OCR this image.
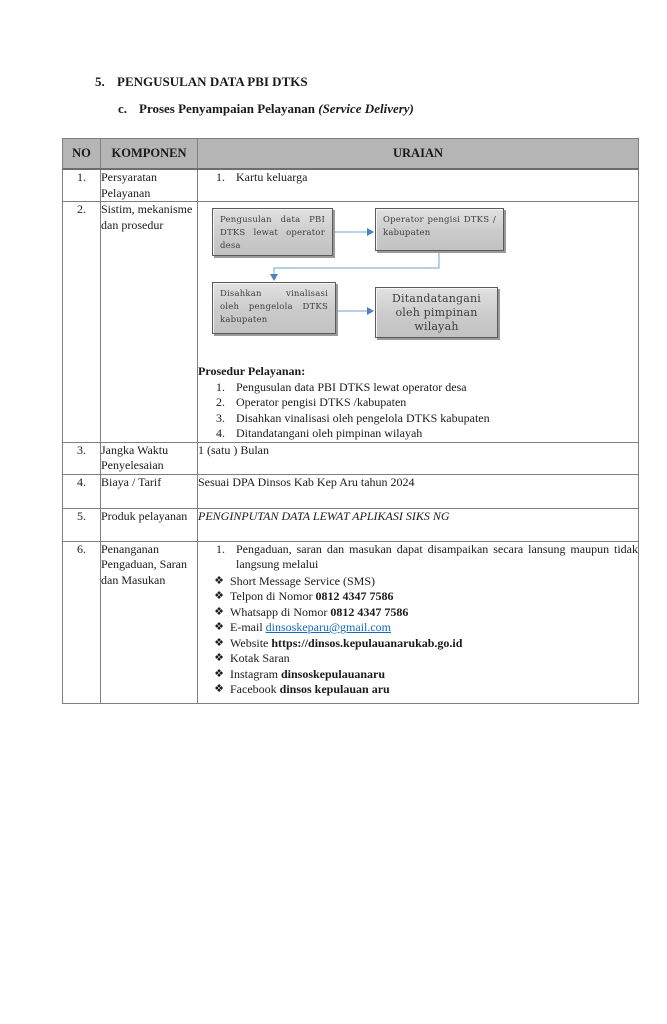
5. PENGUSULAN DATA PBI DTKS
c. Proses Penyampaian Pelayanan (Service Delivery)
NO	KOMPONEN	URAIAN
1.	Persyaratan Pelayanan	1. Kartu keluarga

2.	Sistim, mekanisme dan prosedur	Pengusulan data PBI DTKS lewat operator desa
Operator pengisi DTKS / kabupaten
Disahkan vinalisasi oleh pengelola DTKS kabupaten
Ditandatangani oleh pimpinan wilayah
Prosedur Pelayanan:
1. Pengusulan data PBI DTKS lewat operator desa
2. Operator pengisi DTKS /kabupaten
3. Disahkan vinalisasi oleh pengelola DTKS kabupaten
4. Ditandatangani oleh pimpinan wilayah

3.	Jangka Waktu Penyelesaian	1 (satu ) Bulan
4.	Biaya / Tarif	Sesuai DPA Dinsos Kab Kep Aru tahun 2024
5.	Produk pelayanan	PENGINPUTAN DATA LEWAT APLIKASI SIKS NG
6.	Penanganan Pengaduan, Saran dan Masukan	
1. Pengaduan, saran dan masukan dapat disampaikan secara lansung maupun tidak langsung melalui
❖ Short Message Service (SMS)
❖ Telpon di Nomor 0812 4347 7586
❖ Whatsapp di Nomor 0812 4347 7586
❖ E-mail dinsoskeparu@gmail.com
❖ Website https://dinsos.kepulauanarukab.go.id
❖ Kotak Saran
❖ Instagram dinsoskepulauanaru
❖ Facebook dinsos kepulauan aru
